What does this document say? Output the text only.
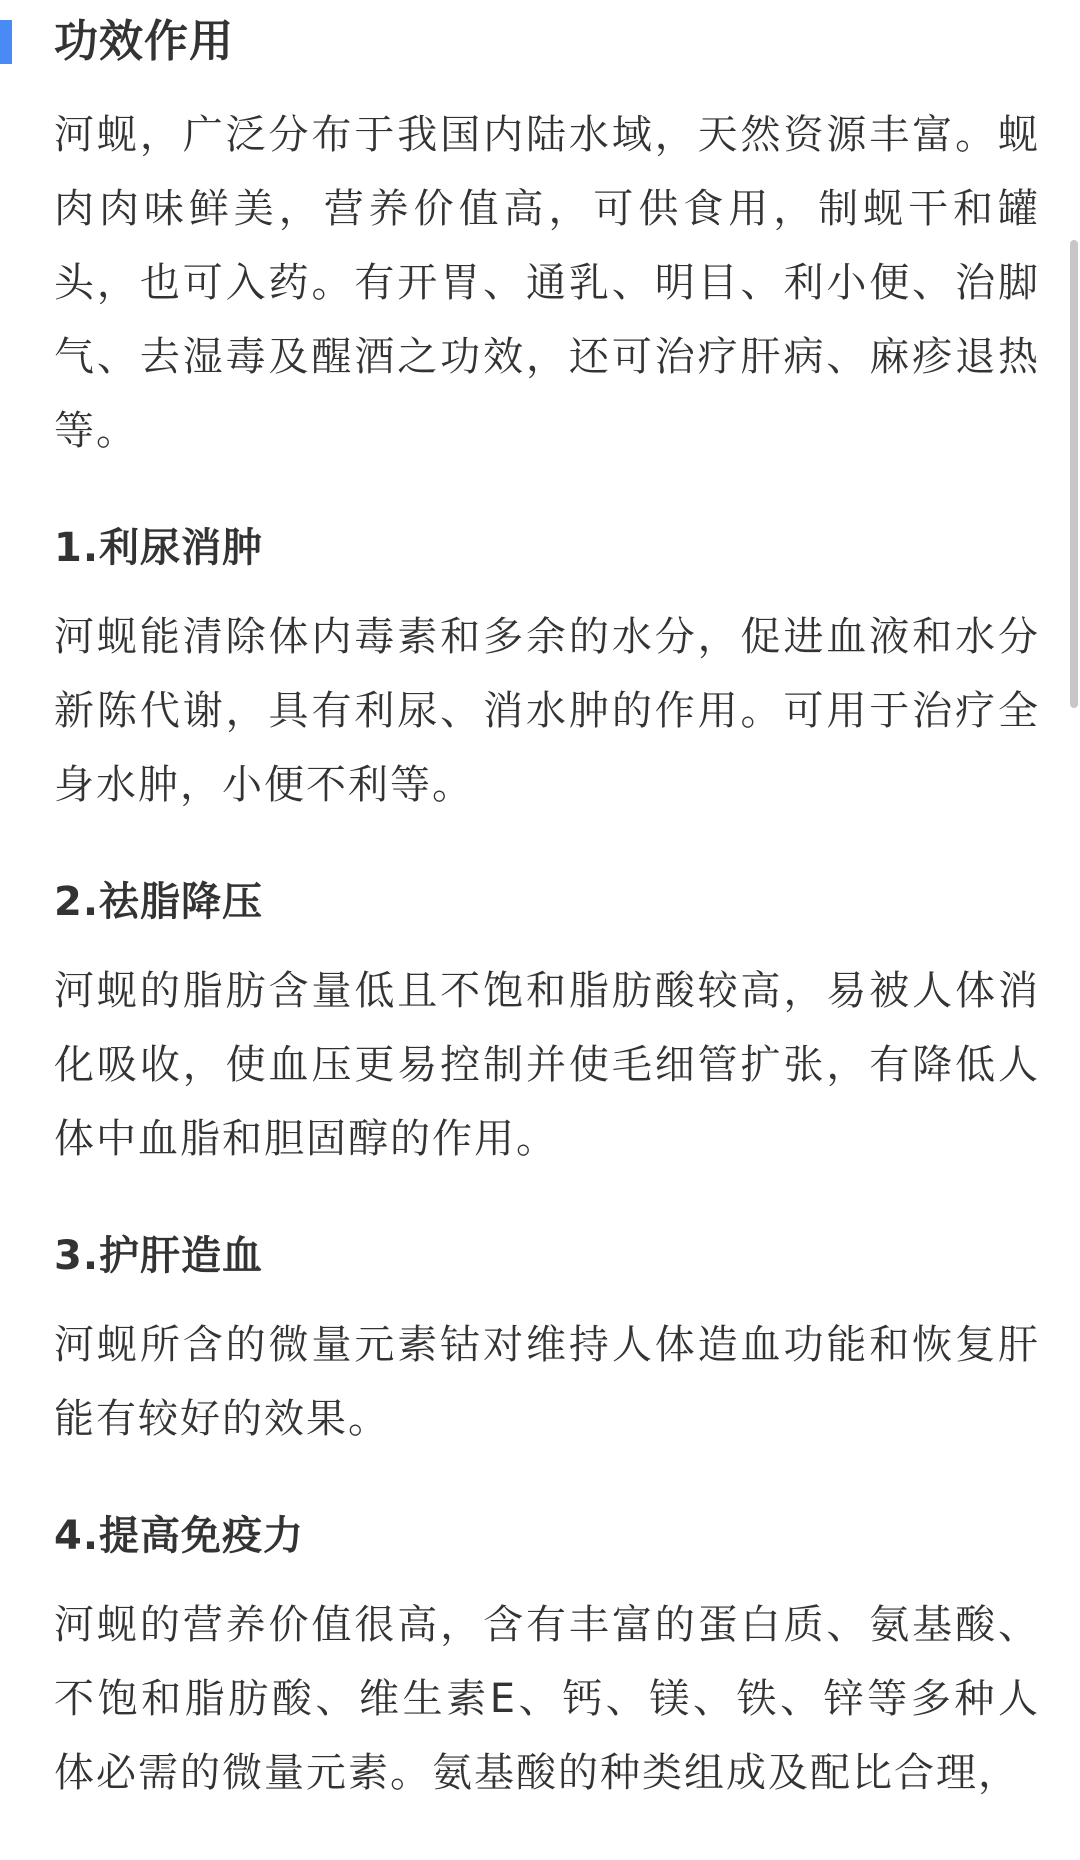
功效作用

河蚬，广泛分布于我国内陆水域，天然资源丰富。蚬肉肉味鲜美，营养价值高，可供食用，制蚬干和罐头，也可入药。有开胃、通乳、明目、利小便、治脚气、去湿毒及醒酒之功效，还可治疗肝病、麻疹退热等。

1.利尿消肿

河蚬能清除体内毒素和多余的水分，促进血液和水分新陈代谢，具有利尿、消水肿的作用。可用于治疗全身水肿，小便不利等。

2.祛脂降压

河蚬的脂肪含量低且不饱和脂肪酸较高，易被人体消化吸收，使血压更易控制并使毛细管扩张，有降低人体中血脂和胆固醇的作用。

3.护肝造血

河蚬所含的微量元素钴对维持人体造血功能和恢复肝能有较好的效果。

4.提高免疫力

河蚬的营养价值很高，含有丰富的蛋白质、氨基酸、不饱和脂肪酸、维生素E、钙、镁、铁、锌等多种人体必需的微量元素。氨基酸的种类组成及配比合理，
